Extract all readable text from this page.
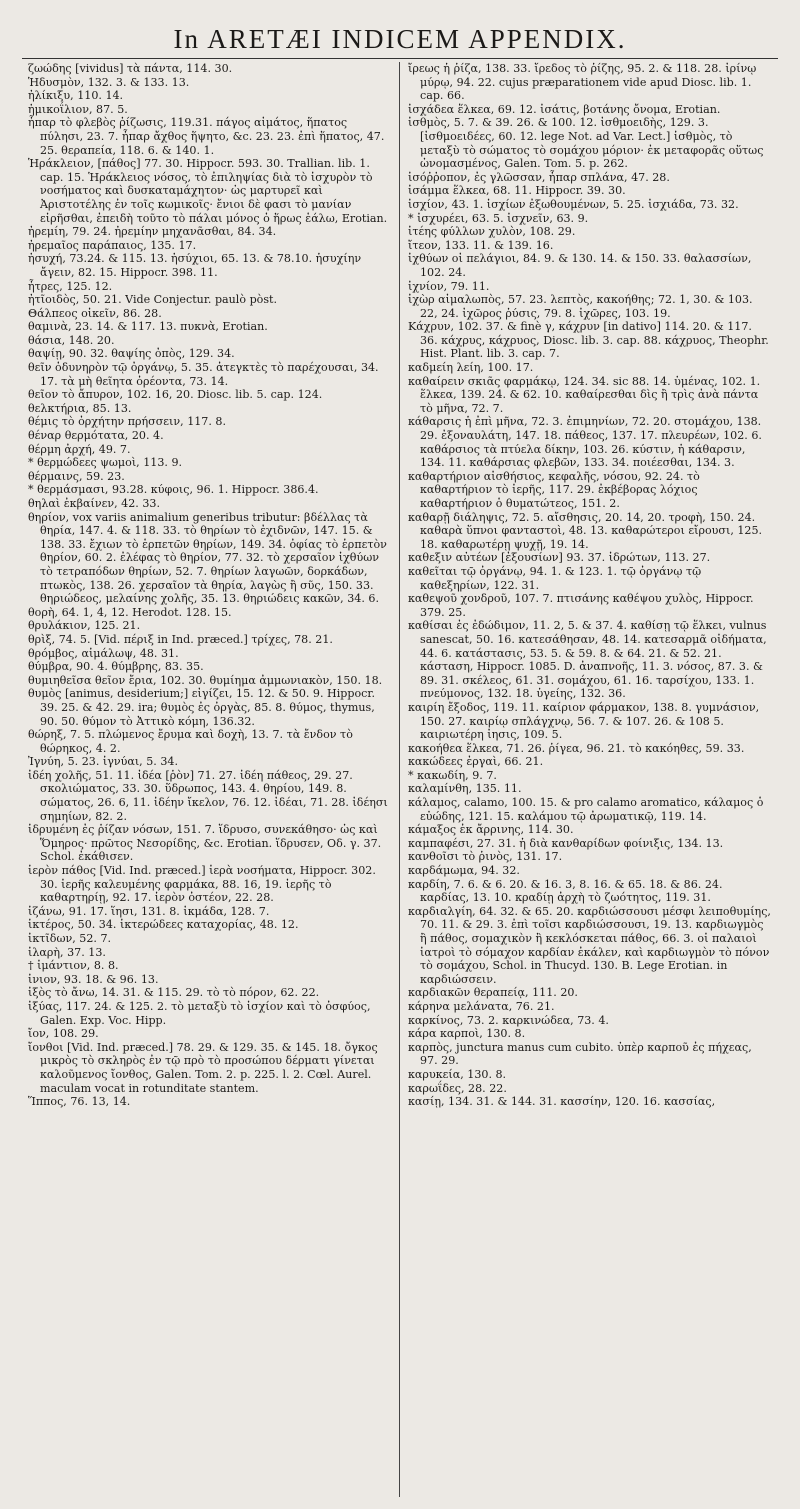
In ARETÆI INDICEM APPENDIX.

ζωώδης [vividus] τὰ πάντα, 114. 30.

Ἡδυσμὸν, 132. 3. & 133. 13.

ἠλίκιξυ, 110. 14.

ἡμικοΐλιον, 87. 5.

ἧπαρ τὸ φλεβὸς ῥίζωσις, 119.31. πάγος αἱμάτος, ἥπατος πύλησι, 23. 7. ἧπαρ ἄχθος ἥψητο, &c. 23. 23. ἐπὶ ἥπατος, 47. 25. θεραπεία, 118. 6. & 140. 1.

Ἡράκλειον, [πάθος] 77. 30. Hippocr. 593. 30. Trallian. lib. 1. cap. 15. Ἡράκλειος νόσος, τὸ ἐπιληψίας διὰ τὸ ἰσχυρὸν τὸ νοσήματος καὶ δυσκαταμάχητον· ὡς μαρτυρεῖ καὶ Ἀριστοτέλης ἐν τοῖς κωμικοῖς· ἔνιοι δὲ φασι τὸ μανίαν εἰρῆσθαι, ἐπειδὴ τοῦτο τὸ πάλαι μόνος ὁ ἥρως ἑάλω, Erotian.

ἠρεμίη, 79. 24. ἠρεμίην μηχανᾶσθαι, 84. 34.

ἠρεμαῖος παράπαιος, 135. 17.

ἡσυχή, 73.24. & 115. 13. ἡσύχιοι, 65. 13. & 78.10. ἡσυχίην ἄγειν, 82. 15. Hippocr. 398. 11.

ἧτρες, 125. 12.

ἠτῖοιδὸς, 50. 21. Vide Conjectur. paulò pòst.

Θάλπεος οἰκεῖν, 86. 28.

θαμινὰ, 23. 14. & 117. 13. πυκνὰ, Erotian.

θάσια, 148. 20.

θαψίῃ, 90. 32. θαψίης ὀπὸς, 129. 34.

θεῖν ὁδυνηρὸν τῷ ὀργάνῳ, 5. 35. ἀτεγκτὲς τὸ παρέχουσαι, 34. 17. τὰ μὴ θεῖητα ὀρέοντα, 73. 14.

θεῖον τὸ ἄπυρον, 102. 16, 20. Diosc. lib. 5. cap. 124.

θελκτήρια, 85. 13.

θέμις τὸ ὀρχήτην πρήσσειν, 117. 8.

θέναρ θερμότατα, 20. 4.

θέρμη ἀρχή, 49. 7.

* θερμώδεες ψωμοὶ, 113. 9.

θέρμαινς, 59. 23.

* θερμάσμασι, 93.28. κύφοις, 96. 1. Hippocr. 386.4.

θηλαὶ ἐκβαίνεν, 42. 33.

θηρίον, vox variis animalium generibus tributur: βδέλλας τὰ θηρία, 147. 4. & 118. 33. τὸ θηρίων τὸ ἐχιδνῶν, 147. 15. & 138. 33. ἔχιων τὸ ἑρπετῶν θηρίων, 149. 34. ὀφίας τὸ ἑρπετὸν θηρίον, 60. 2. ἐλέφας τὸ θηρίον, 77. 32. τὸ χερσαῖον ἰχθύων τὸ τετραπόδων θηρίων, 52. 7. θηρίων λαγωῶν, δορκάδων, πτωκὸς, 138. 26. χερσαῖον τὰ θηρία, λαγὼς ἢ σῦς, 150. 33. θηριώδεος, μελαίνης χολῆς, 35. 13. θηριώδεις κακῶν, 34. 6.

θορὴ, 64. 1, 4, 12. Herodot. 128. 15.

θρυλάκιον, 125. 21.

θρὶξ, 74. 5. [Vid. πέριξ in Ind. præced.] τρίχες, 78. 21.

θρόμβος, αἱμάλωψ, 48. 31.

θύμβρα, 90. 4. θύμβρης, 83. 35.

θυμιηθεῖσα θεῖον ἔρια, 102. 30. θυμίημα ἀμμωνιακὸν, 150. 18.

θυμὸς [animus, desiderium;] εἰγίζει, 15. 12. & 50. 9. Hippocr. 39. 25. & 42. 29. ira; θυμὸς ἐς ὀργὰς, 85. 8. θύμος, thymus, 90. 50. θύμον τὸ Ἀττικὸ κόμη, 136.32.

θώρηξ, 7. 5. πλώμενος ἔρυμα καὶ δοχὴ, 13. 7. τὰ ἔνδον τὸ θώρηκος, 4. 2.

Ἰγνύη, 5. 23. ἰγνύαι, 5. 34.

ἰδέη χολῆς, 51. 11. ἰδέα [ῥὸν] 71. 27. ἰδέη πάθεος, 29. 27. σκολιώματος, 33. 30. ὕδρωπος, 143. 4. θηρίου, 149. 8. σώματος, 26. 6, 11. ἰδέην ἴκελον, 76. 12. ἰδέαι, 71. 28. ἰδέησι σημηίων, 82. 2.

ἱδρυμένη ἐς ῥίζαν νόσων, 151. 7. ἵδρυσο, συνεκάθησο· ὡς καὶ Ὅμηρος· πρῶτος Νεσορίδης, &c. Erotian. ἵδρυσεν, Οδ. γ. 37. Schol. ἐκάθισεν.

ἱερὸν πάθος [Vid. Ind. præced.] ἱερὰ νοσήματα, Hippocr. 302. 30. ἱερῆς καλευμένης φαρμάκα, 88. 16, 19. ἱερῆς τὸ καθαρτηρίῃ, 92. 17. ἱερὸν ὀστέον, 22. 28.

ἱζάνω, 91. 17. ἵησι, 131. 8. ἱκμάδα, 128. 7.

ἱκτέρος, 50. 34. ἱκτερώδεες καταχορίας, 48. 12.

ἰκτῖδων, 52. 7.

ἰλαρὴ, 37. 13.

† ἱμάντιον, 8. 8.

ἰνιον, 93. 18. & 96. 13.

ἰξὸς τὸ ἄνω, 14. 31. & 115. 29. τὸ τὸ πόρον, 62. 22.

ἰξύας, 117. 24. & 125. 2. τὸ μεταξὺ τὸ ἰσχίον καὶ τὸ ὀσφύος, Galen. Exp. Voc. Hipp.

ἴον, 108. 29.

ἴονθοι [Vid. Ind. præced.] 78. 29. & 129. 35. & 145. 18. ὄγκος μικρὸς τὸ σκληρὸς ἐν τῷ πρὸ τὸ προσώπου δέρματι γίνεται καλοῦμενος ἴονθος, Galen. Tom. 2. p. 225. l. 2. Cœl. Aurel. maculam vocat in rotunditate stantem.

Ἵππος, 76. 13, 14.

ἴρεως ἡ ῥίζα, 138. 33. ἴρεδος τὸ ῥίζης, 95. 2. & 118. 28. ἰρίνῳ μύρῳ, 94. 22. cujus præparationem vide apud Diosc. lib. 1. cap. 66.

ἰσχάδεα ἕλκεα, 69. 12. ἰσάτις, βοτάνης ὄνομα, Erotian.

ἰσθμὸς, 5. 7. & 39. 26. & 100. 12. ἰσθμοειδὴς, 129. 3. [ἰσθμοειδέες, 60. 12. lege Not. ad Var. Lect.] ἰσθμὸς, τὸ μεταξὺ τὸ σώματος τὸ σομάχου μόριον· ἐκ μεταφορᾶς οὕτως ὠνομασμένος, Galen. Tom. 5. p. 262.

ἰσόῤῥοπον, ἐς γλῶσσαν, ἧπαρ σπλάνα, 47. 28.

ἰσάμμα ἕλκεα, 68. 11. Hippocr. 39. 30.

ἰσχίον, 43. 1. ἰσχίων ἐξωθουμένων, 5. 25. ἰσχιάδα, 73. 32.

* ἰσχυρέει, 63. 5. ἰσχνεῖν, 63. 9.

ἰτέης φύλλων χυλὸν, 108. 29.

ἴτεον, 133. 11. & 139. 16.

ἰχθύων οἱ πελάγιοι, 84. 9. & 130. 14. & 150. 33. θαλασσίων, 102. 24.

ἰχνίον, 79. 11.

ἰχὼρ αἱμαλωπὸς, 57. 23. λεπτὸς, κακοήθης; 72. 1, 30. & 103. 22, 24. ἰχῶρος ῥύσις, 79. 8. ἰχῶρες, 103. 19.

Κάχρυν, 102. 37. & finè γ, κάχρυν [in dativo] 114. 20. & 117. 36. κάχρυς, κάχρυος, Diosc. lib. 3. cap. 88. κάχρυος, Theophr. Hist. Plant. lib. 3. cap. 7.

καδμείη λείη, 100. 17.

καθαίρειν σκιᾶς φαρμάκῳ, 124. 34. sic 88. 14. ὑμένας, 102. 1. ἕλκεα, 139. 24. & 62. 10. καθαίρεσθαι δὶς ἢ τρὶς ἀνὰ πάντα τὸ μῆνα, 72. 7.

κάθαρσις ἡ ἐπὶ μῆνα, 72. 3. ἐπιμηνίων, 72. 20. στομάχου, 138. 29. ἐξοναυλάτη, 147. 18. πάθεος, 137. 17. πλευρέων, 102. 6. καθάρσιος τὰ πτύελα δίκην, 103. 26. κύστιν, ἡ κάθαρσιν, 134. 11. καθάρσιας φλεβῶν, 133. 34. ποιέεσθαι, 134. 3.

καθαρτήριον αἰσθήσιος, κεφαλῆς, νόσου, 92. 24. τὸ καθαρτήριον τὸ ἱερῆς, 117. 29. ἐκβέβορας λόχιος καθαρτήριον ὁ θυματώτεος, 151. 2.

καθαρῇ διάληψις, 72. 5. αἴσθησις, 20. 14, 20. τροφὴ, 150. 24. καθαρὰ ὕπνοι φανταστοὶ, 48. 13. καθαρώτεροι εἴρουσι, 125. 18. καθαρωτέρῃ ψυχῇ, 19. 14.

καθεξιν αὐτέων [ἐξουσίων] 93. 37. ἰδρώτων, 113. 27.

καθεῖται τῷ ὀργάνῳ, 94. 1. & 123. 1. τῷ ὀργάνῳ τῷ καθεξηρίων, 122. 31.

καθεψοῦ χονδροῦ, 107. 7. πτισάνης καθέψου χυλὸς, Hippocr. 379. 25.

καθίσαι ἐς ἐδώδιμον, 11. 2, 5. & 37. 4. καθίσῃ τῷ ἕλκει, vulnus sanescat, 50. 16. κατεσάθησαν, 48. 14. κατεσαρμᾶ οἰδήματα, 44. 6. κατάστασις, 53. 5. & 59. 8. & 64. 21. & 52. 21. κάσταση, Hippocr. 1085. D. ἀναπνοῆς, 11. 3. νόσος, 87. 3. & 89. 31. σκέλεος, 61. 31. σομάχου, 61. 16. ταρσίχου, 133. 1. πνεύμονος, 132. 18. ὑγείης, 132. 36.

καιρίη ἔξοδος, 119. 11. καίριον φάρμακον, 138. 8. γυμνάσιον, 150. 27. καιρίῳ σπλάγχνῳ, 56. 7. & 107. 26. & 108 5. καιριωτέρη ἰησις, 109. 5.

κακοήθεα ἕλκεα, 71. 26. ῥίγεα, 96. 21. τὸ κακόηθες, 59. 33.

κακώδεες ἐργαὶ, 66. 21.

* κακωδίη, 9. 7.

καλαμίνθη, 135. 11.

κάλαμος, calamo, 100. 15. & pro calamo aromatico, κάλαμος ὁ εὐώδης, 121. 15. καλάμου τῷ ἀρωματικῷ, 119. 14.

κάμαξος ἐκ ἄρρινης, 114. 30.

καμπαφέσι, 27. 31. ἡ διὰ κανθαρίδων φοίνιξις, 134. 13.

κανθοῖσι τὸ ῥινὸς, 131. 17.

καρδάμωμα, 94. 32.

καρδίη, 7. 6. & 6. 20. & 16. 3, 8. 16. & 65. 18. & 86. 24. καρδίας, 13. 10. κραδίῃ ἀρχὴ τὸ ζωότητος, 119. 31.

καρδιαλγίη, 64. 32. & 65. 20. καρδιώσσουσι μέσφι λειποθυμίης, 70. 11. & 29. 3. ἐπὶ τοῖσι καρδιώσσουσι, 19. 13. καρδιωγμὸς ἢ πάθος, σομαχικὸν ἢ κεκλόσκεται πάθος, 66. 3. οἱ παλαιοὶ ἰατροὶ τὸ σόμαχον καρδίαν ἐκάλεν, καὶ καρδιωγμὸν τὸ πόνον τὸ σομάχου, Schol. in Thucyd. 130. B. Lege Erotian. in καρδιώσσειν.

καρδιακῶν θεραπείᾳ, 111. 20.

κάρηνα μελάνατα, 76. 21.

καρκίνος, 73. 2. καρκινώδεα, 73. 4.

κάρα καρποὶ, 130. 8.

καρπὸς, junctura manus cum cubito. ὑπὲρ καρποῦ ἐς πήχεας, 97. 29.

καρυκεία, 130. 8.

καρωΐδες, 28. 22.

κασίῃ, 134. 31. & 144. 31. κασσίην, 120. 16. κασσίας,
